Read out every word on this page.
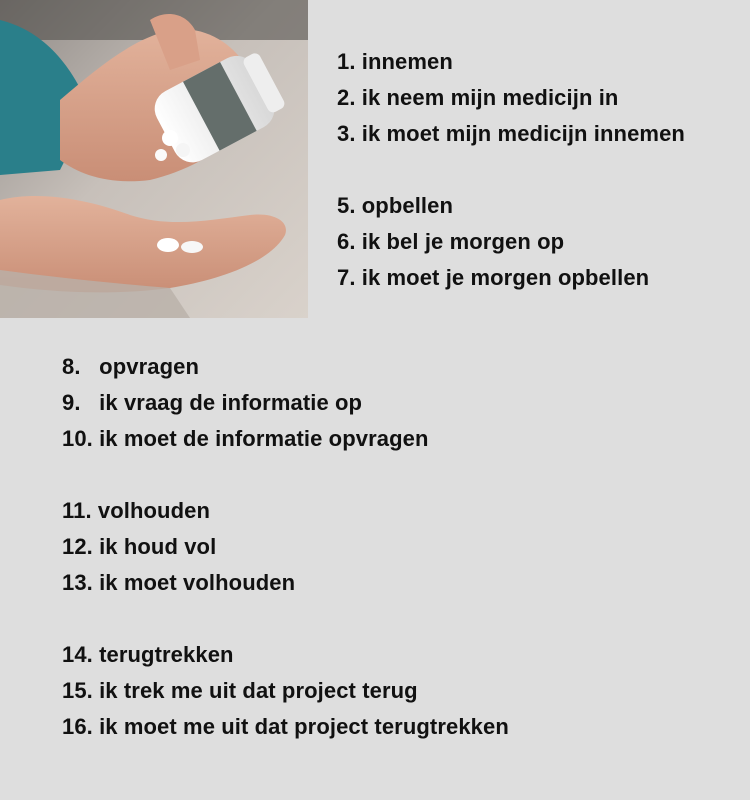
1. innemen
2. ik neem mijn medicijn in
3. ik moet mijn medicijn innemen
5. opbellen
6. ik bel je morgen op
7. ik moet je morgen opbellen
8.   opvragen
9.   ik vraag de informatie op
10. ik moet de informatie opvragen
11. volhouden
12. ik houd vol
13. ik moet volhouden
14. terugtrekken
15. ik trek me uit dat project terug
16. ik moet me uit dat project terugtrekken
